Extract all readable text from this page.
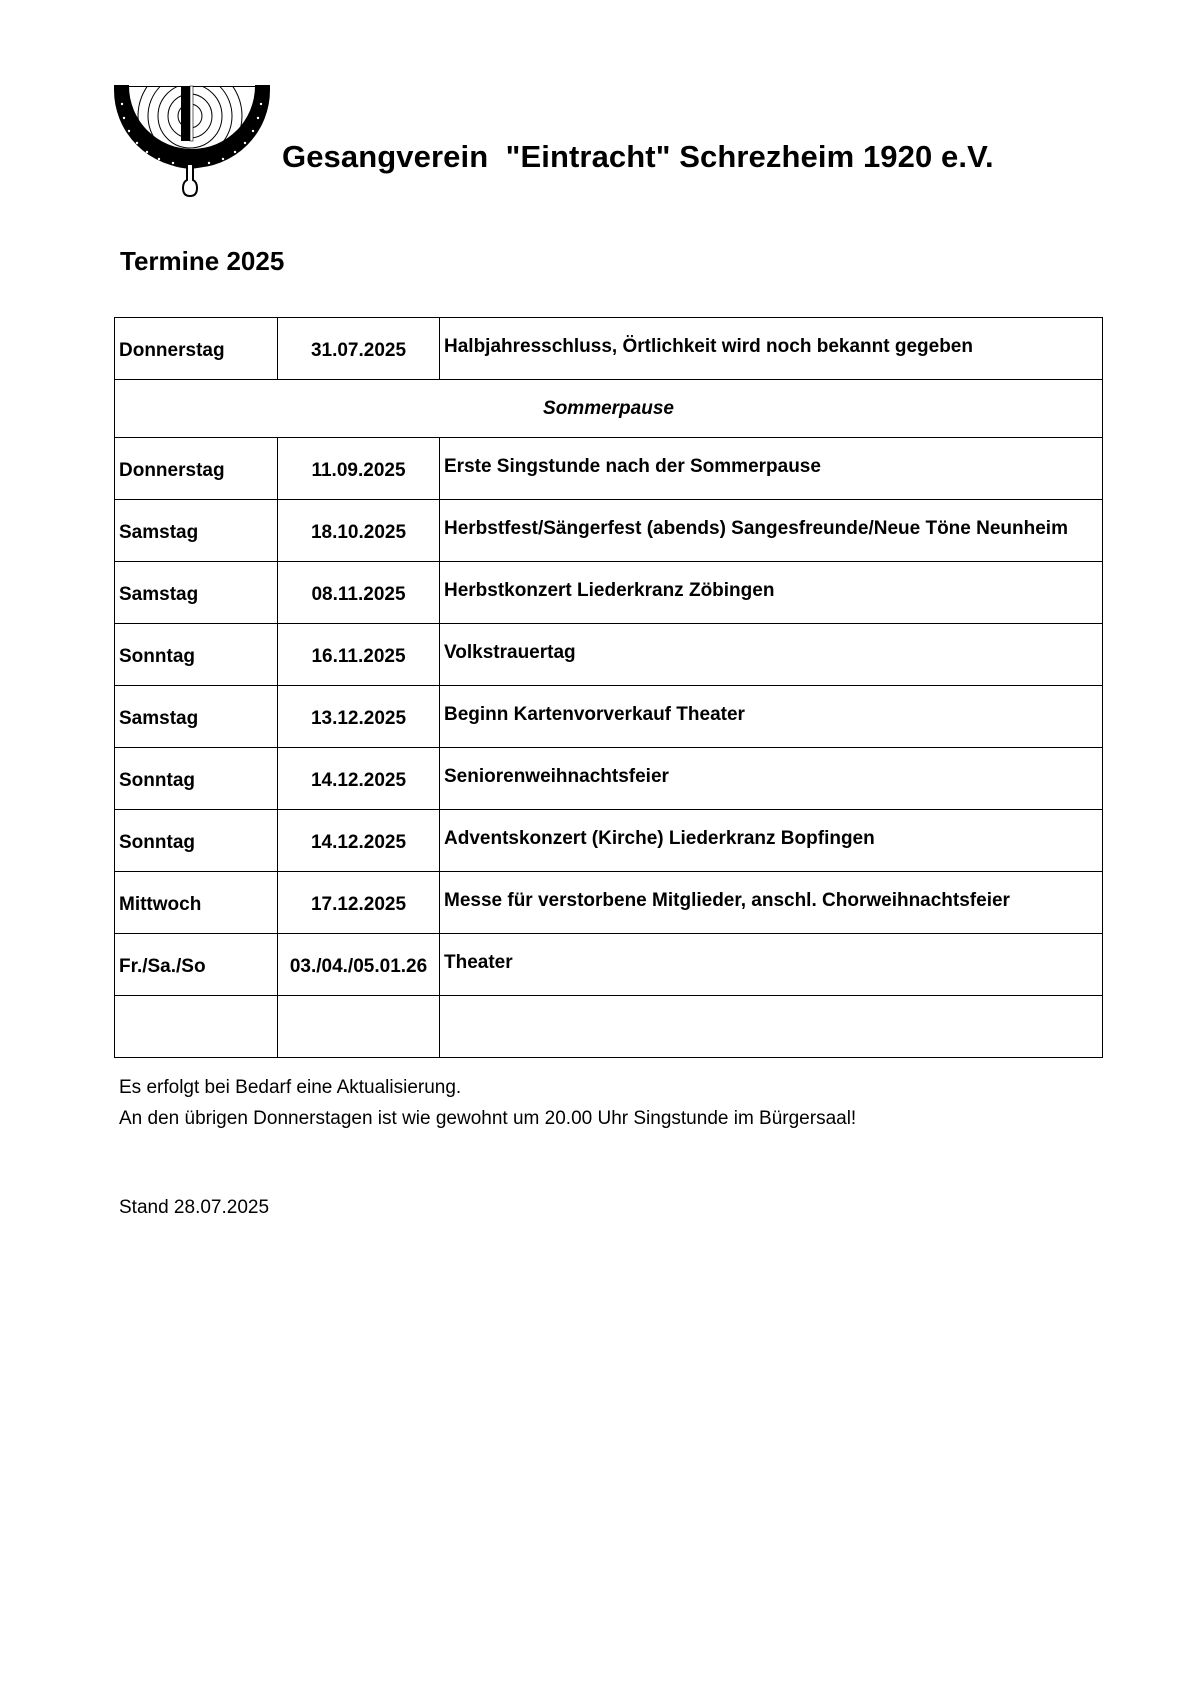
Gesangverein  "Eintracht" Schrezheim 1920 e.V.
Termine 2025
Donnerstag	31.07.2025	Halbjahresschluss, Örtlichkeit wird noch bekannt gegeben
Sommerpause		
Donnerstag	11.09.2025	Erste Singstunde nach der Sommerpause
Samstag	18.10.2025	Herbstfest/Sängerfest (abends) Sangesfreunde/Neue Töne Neunheim
Samstag	08.11.2025	Herbstkonzert Liederkranz Zöbingen
Sonntag	16.11.2025	Volkstrauertag
Samstag	13.12.2025	Beginn Kartenvorverkauf Theater
Sonntag	14.12.2025	Seniorenweihnachtsfeier
Sonntag	14.12.2025	Adventskonzert (Kirche) Liederkranz Bopfingen
Mittwoch	17.12.2025	Messe für verstorbene Mitglieder, anschl. Chorweihnachtsfeier
Fr./Sa./So	03./04./05.01.26	Theater

Es erfolgt bei Bedarf eine Aktualisierung.
An den übrigen Donnerstagen ist wie gewohnt um 20.00 Uhr Singstunde im Bürgersaal!
Stand 28.07.2025
